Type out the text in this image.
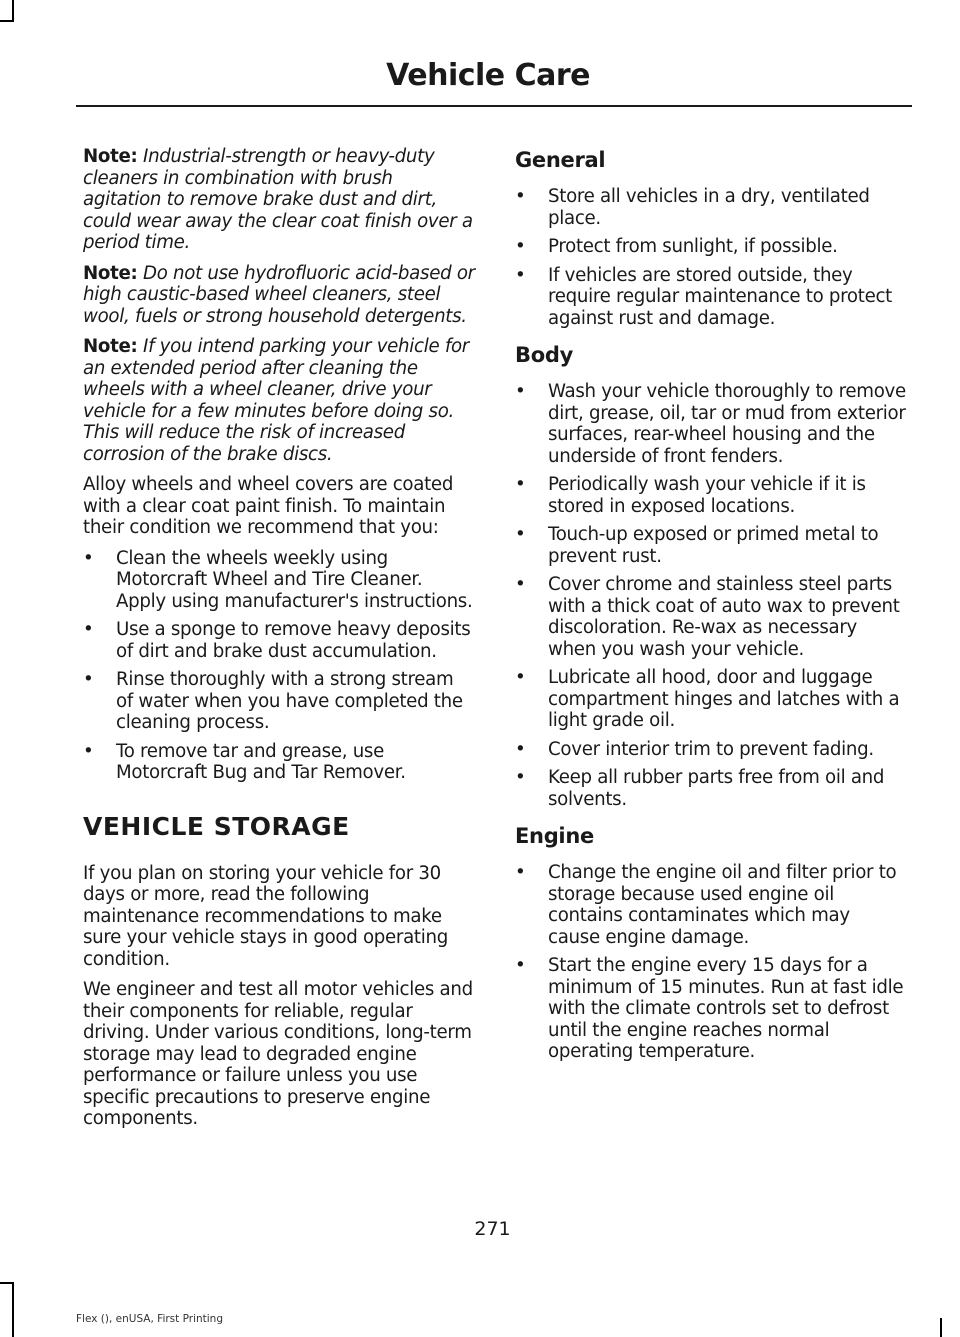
Vehicle Care

Note: Industrial-strength or heavy-duty cleaners in combination with brush agitation to remove brake dust and dirt, could wear away the clear coat finish over a period time.

Note: Do not use hydrofluoric acid-based or high caustic-based wheel cleaners, steel wool, fuels or strong household detergents.

Note: If you intend parking your vehicle for an extended period after cleaning the wheels with a wheel cleaner, drive your vehicle for a few minutes before doing so. This will reduce the risk of increased corrosion of the brake discs.

Alloy wheels and wheel covers are coated with a clear coat paint finish. To maintain their condition we recommend that you:

• Clean the wheels weekly using Motorcraft Wheel and Tire Cleaner. Apply using manufacturer's instructions.
• Use a sponge to remove heavy deposits of dirt and brake dust accumulation.
• Rinse thoroughly with a strong stream of water when you have completed the cleaning process.
• To remove tar and grease, use Motorcraft Bug and Tar Remover.
VEHICLE STORAGE

If you plan on storing your vehicle for 30 days or more, read the following maintenance recommendations to make sure your vehicle stays in good operating condition.

We engineer and test all motor vehicles and their components for reliable, regular driving. Under various conditions, long-term storage may lead to degraded engine performance or failure unless you use specific precautions to preserve engine components.

General
• Store all vehicles in a dry, ventilated place.
• Protect from sunlight, if possible.
• If vehicles are stored outside, they require regular maintenance to protect against rust and damage.
Body
• Wash your vehicle thoroughly to remove dirt, grease, oil, tar or mud from exterior surfaces, rear-wheel housing and the underside of front fenders.
• Periodically wash your vehicle if it is stored in exposed locations.
• Touch-up exposed or primed metal to prevent rust.
• Cover chrome and stainless steel parts with a thick coat of auto wax to prevent discoloration. Re-wax as necessary when you wash your vehicle.
• Lubricate all hood, door and luggage compartment hinges and latches with a light grade oil.
• Cover interior trim to prevent fading.
• Keep all rubber parts free from oil and solvents.
Engine
• Change the engine oil and filter prior to storage because used engine oil contains contaminates which may cause engine damage.
• Start the engine every 15 days for a minimum of 15 minutes. Run at fast idle with the climate controls set to defrost until the engine reaches normal operating temperature.
271
Flex (), enUSA, First Printing
